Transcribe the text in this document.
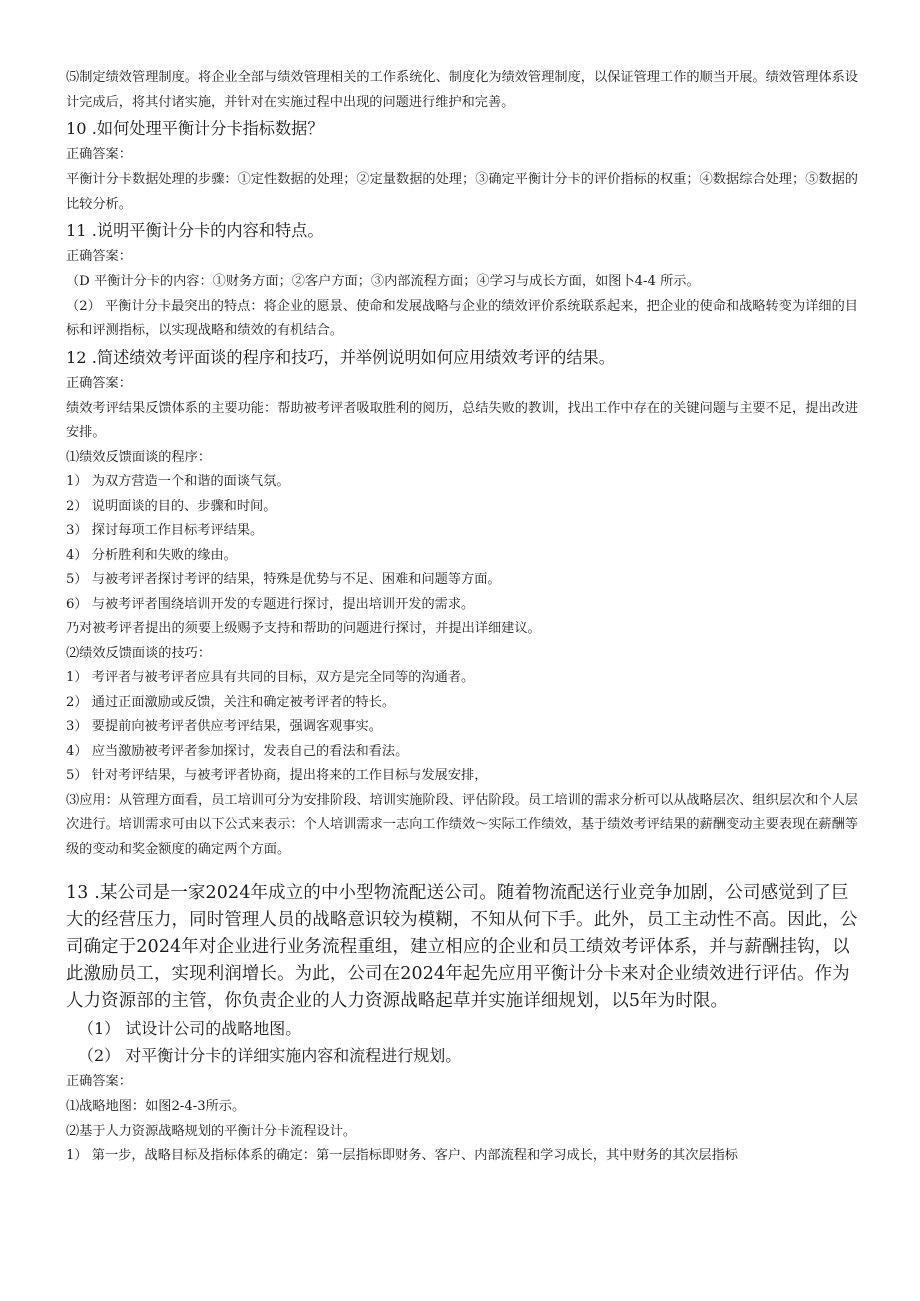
⑸制定绩效管理制度。将企业全部与绩效管理相关的工作系统化、制度化为绩效管理制度，以保证管理工作的顺当开展。绩效管理体系设计完成后，将其付诸实施，并针对在实施过程中出现的问题进行维护和完善。

10 .如何处理平衡计分卡指标数据？

正确答案：

平衡计分卡数据处理的步骤：①定性数据的处理；②定量数据的处理；③确定平衡计分卡的评价指标的权重；④数据综合处理；⑤数据的比较分析。

11 .说明平衡计分卡的内容和特点。

正确答案：

（D 平衡计分卡的内容：①财务方面；②客户方面；③内部流程方面；④学习与成长方面，如图卜4-4 所示。

（2） 平衡计分卡最突出的特点：将企业的愿景、使命和发展战略与企业的绩效评价系统联系起来，把企业的使命和战略转变为详细的目标和评测指标，以实现战略和绩效的有机结合。

12 .简述绩效考评面谈的程序和技巧，并举例说明如何应用绩效考评的结果。

正确答案：

绩效考评结果反馈体系的主要功能：帮助被考评者吸取胜利的阅历，总结失败的教训，找出工作中存在的关键问题与主要不足，提出改进安排。

⑴绩效反馈面谈的程序：

1） 为双方营造一个和谐的面谈气氛。

2） 说明面谈的目的、步骤和时间。

3） 探讨每项工作目标考评结果。

4） 分析胜利和失败的缘由。

5） 与被考评者探讨考评的结果，特殊是优势与不足、困难和问题等方面。

6） 与被考评者围绕培训开发的专题进行探讨，提出培训开发的需求。

乃对被考评者提出的须要上级赐予支持和帮助的问题进行探讨，并提出详细建议。

⑵绩效反馈面谈的技巧：

1） 考评者与被考评者应具有共同的目标，双方是完全同等的沟通者。

2） 通过正面激励或反馈，关注和确定被考评者的特长。

3） 要提前向被考评者供应考评结果，强调客观事实。

4） 应当激励被考评者参加探讨，发表自己的看法和看法。

5） 针对考评结果，与被考评者协商，提出将来的工作目标与发展安排，

⑶应用：从管理方面看，员工培训可分为安排阶段、培训实施阶段、评估阶段。员工培训的需求分析可以从战略层次、组织层次和个人层次进行。培训需求可由以下公式来表示：个人培训需求一志向工作绩效～实际工作绩效，基于绩效考评结果的薪酬变动主要表现在薪酬等级的变动和奖金额度的确定两个方面。

13 .某公司是一家2024年成立的中小型物流配送公司。随着物流配送行业竞争加剧，公司感觉到了巨大的经营压力，同时管理人员的战略意识较为模糊，不知从何下手。此外，员工主动性不高。因此，公司确定于2024年对企业进行业务流程重组，建立相应的企业和员工绩效考评体系，并与薪酬挂钩，以此激励员工，实现利润增长。为此，公司在2024年起先应用平衡计分卡来对企业绩效进行评估。作为人力资源部的主管，你负责企业的人力资源战略起草并实施详细规划，以5年为时限。

（1） 试设计公司的战略地图。

（2） 对平衡计分卡的详细实施内容和流程进行规划。

正确答案：

⑴战略地图：如图2-4-3所示。

⑵基于人力资源战略规划的平衡计分卡流程设计。

1） 第一步，战略目标及指标体系的确定：第一层指标即财务、客户、内部流程和学习成长，其中财务的其次层指标
